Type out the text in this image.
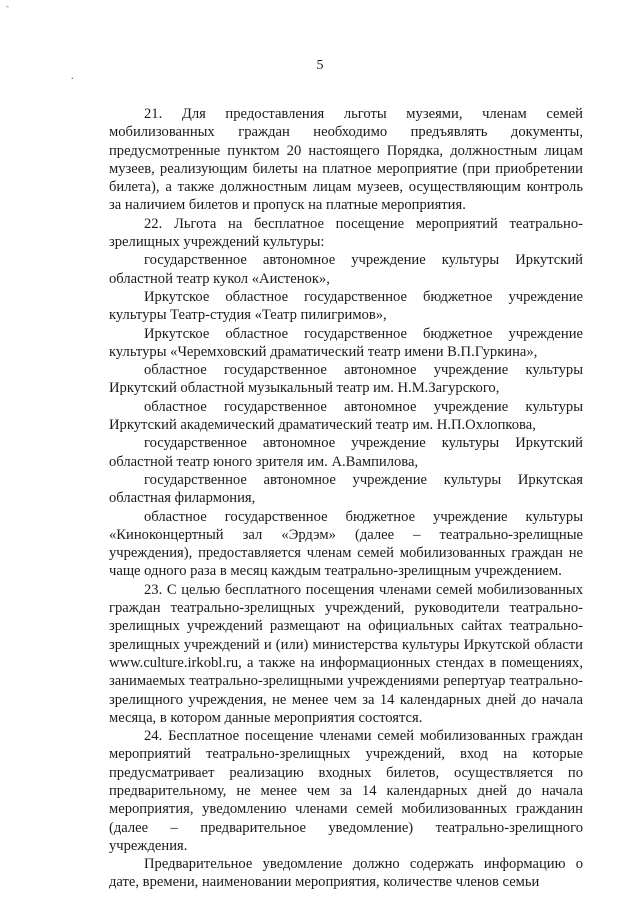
-
.
5

21. Для предоставления льготы музеями, членам семей мобилизованных граждан необходимо предъявлять документы, предусмотренные пунктом 20 настоящего Порядка, должностным лицам музеев, реализующим билеты на платное мероприятие (при приобретении билета), а также должностным лицам музеев, осуществляющим контроль за наличием билетов и пропуск на платные мероприятия.

22. Льгота на бесплатное посещение мероприятий театрально-зрелищных учреждений культуры:

государственное автономное учреждение культуры Иркутский областной театр кукол «Аистенок»,

Иркутское областное государственное бюджетное учреждение культуры Театр-студия «Театр пилигримов»,

Иркутское областное государственное бюджетное учреждение культуры «Черемховский драматический театр имени В.П.Гуркина»,

областное государственное автономное учреждение культуры Иркутский областной музыкальный театр им. Н.М.Загурского,

областное государственное автономное учреждение культуры Иркутский академический драматический театр им. Н.П.Охлопкова,

государственное автономное учреждение культуры Иркутский областной театр юного зрителя им. А.Вампилова,

государственное автономное учреждение культуры Иркутская областная филармония,

областное государственное бюджетное учреждение культуры «Киноконцертный зал «Эрдэм» (далее – театрально-зрелищные учреждения), предоставляется членам семей мобилизованных граждан не чаще одного раза в месяц каждым театрально-зрелищным учреждением.

23. С целью бесплатного посещения членами семей мобилизованных граждан театрально-зрелищных учреждений, руководители театрально-зрелищных учреждений размещают на официальных сайтах театрально-зрелищных учреждений и (или) министерства культуры Иркутской области www.culture.irkobl.ru, а также на информационных стендах в помещениях, занимаемых театрально-зрелищными учреждениями репертуар театрально-зрелищного учреждения, не менее чем за 14 календарных дней до начала месяца, в котором данные мероприятия состоятся.

24. Бесплатное посещение членами семей мобилизованных граждан мероприятий театрально-зрелищных учреждений, вход на которые предусматривает реализацию входных билетов, осуществляется по предварительному, не менее чем за 14 календарных дней до начала мероприятия, уведомлению членами семей мобилизованных гражданин (далее – предварительное уведомление) театрально-зрелищного учреждения.

Предварительное уведомление должно содержать информацию о дате, времени, наименовании мероприятия, количестве членов семьи
